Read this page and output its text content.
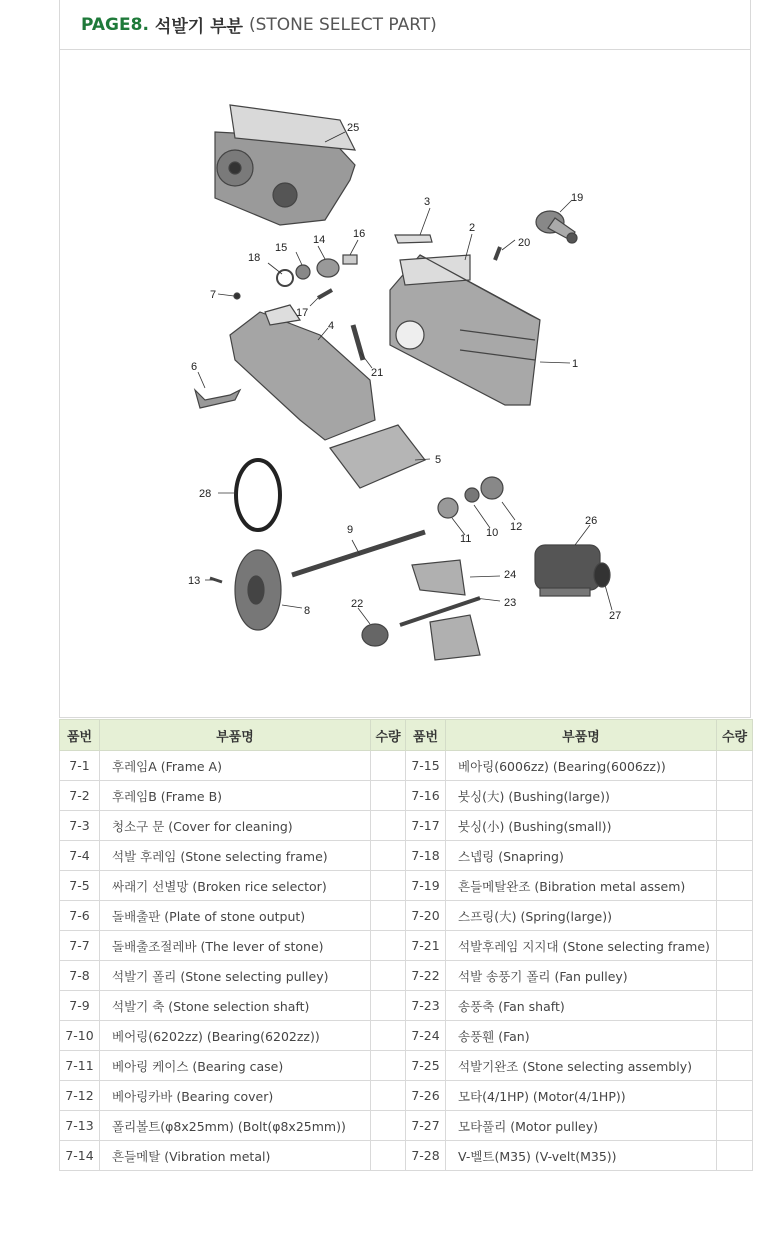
PAGE8. 석발기 부분 (STONE SELECT PART)
25
3
2
19
20
15
14	16
18
7
17
4
21
1
6
5
28
12
10
11
26
9
13	24
23
8
22
27
품번	부품명	수량	품번	부품명	수량
7-1	후레임A (Frame A)		7-15	베아링(6006zz) (Bearing(6006zz))	
7-2	후레임B (Frame B)		7-16	붓싱(大) (Bushing(large))	
7-3	청소구 문 (Cover for cleaning)		7-17	붓싱(小) (Bushing(small))	
7-4	석발 후레임 (Stone selecting frame)		7-18	스넵링 (Snapring)	
7-5	싸래기 선별망 (Broken rice selector)		7-19	흔들메탈완조 (Bibration metal assem)	
7-6	돌배출판 (Plate of stone output)		7-20	스프링(大) (Spring(large))	
7-7	돌배출조절레바 (The lever of stone)		7-21	석발후레임 지지대 (Stone selecting frame)	
7-8	석발기 폴리 (Stone selecting pulley)		7-22	석발 송풍기 폴리 (Fan pulley)	
7-9	석발기 축 (Stone selection shaft)		7-23	송풍축 (Fan shaft)	
7-10	베어링(6202zz) (Bearing(6202zz))		7-24	송풍휀 (Fan)	
7-11	베아링 케이스 (Bearing case)		7-25	석발기완조 (Stone selecting assembly)	
7-12	베아링카바 (Bearing cover)		7-26	모타(4/1HP) (Motor(4/1HP))	
7-13	폴리볼트(φ8x25mm) (Bolt(φ8x25mm))		7-27	모타풀리 (Motor pulley)	
7-14	흔들메탈 (Vibration metal)		7-28	V-벨트(M35) (V-velt(M35))	
